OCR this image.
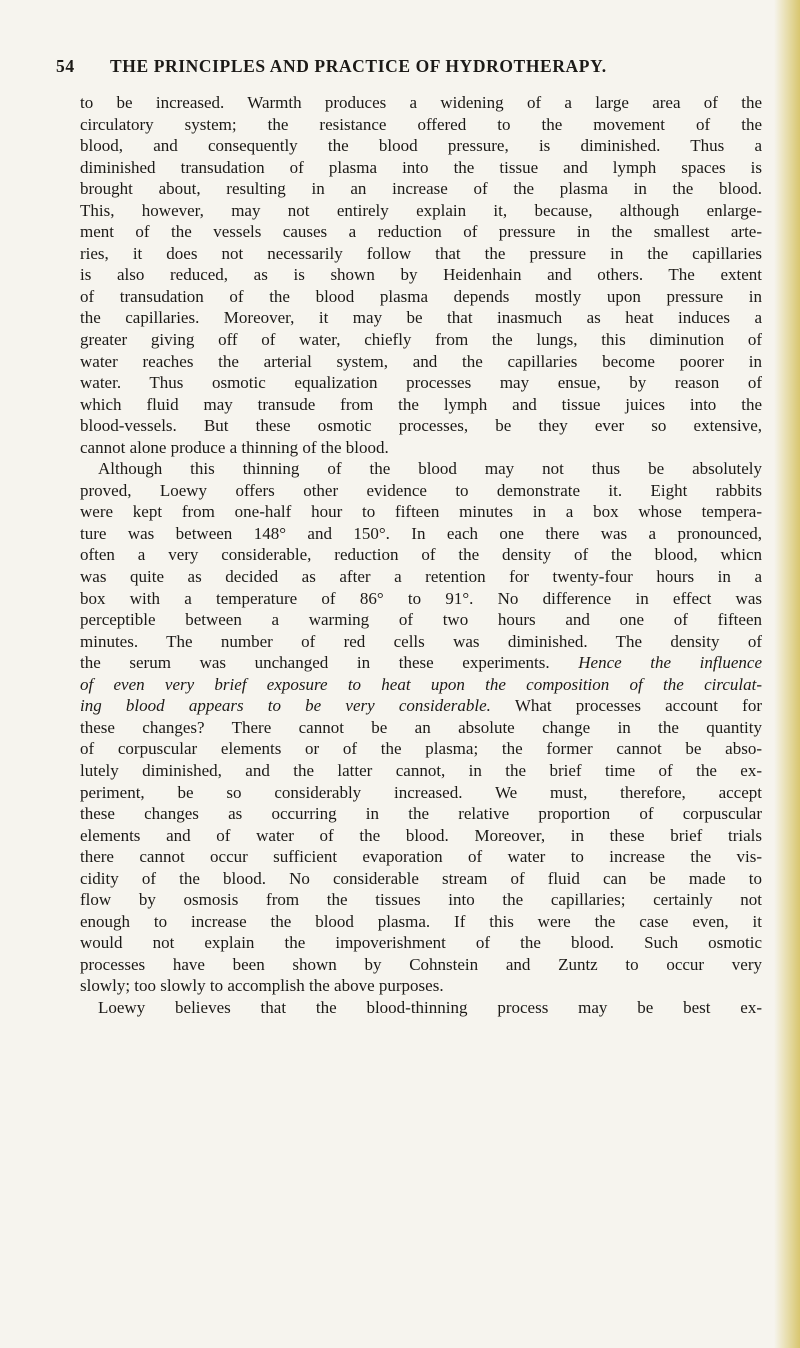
54 THE PRINCIPLES AND PRACTICE OF HYDROTHERAPY.
to be increased. Warmth produces a widening of a large area of the
circulatory system; the resistance offered to the movement of the
blood, and consequently the blood pressure, is diminished. Thus a
diminished transudation of plasma into the tissue and lymph spaces is
brought about, resulting in an increase of the plasma in the blood.
This, however, may not entirely explain it, because, although enlarge-
ment of the vessels causes a reduction of pressure in the smallest arte-
ries, it does not necessarily follow that the pressure in the capillaries
is also reduced, as is shown by Heidenhain and others. The extent
of transudation of the blood plasma depends mostly upon pressure in
the capillaries. Moreover, it may be that inasmuch as heat induces a
greater giving off of water, chiefly from the lungs, this diminution of
water reaches the arterial system, and the capillaries become poorer in
water. Thus osmotic equalization processes may ensue, by reason of
which fluid may transude from the lymph and tissue juices into the
blood-vessels. But these osmotic processes, be they ever so extensive,
cannot alone produce a thinning of the blood.
Although this thinning of the blood may not thus be absolutely
proved, Loewy offers other evidence to demonstrate it. Eight rabbits
were kept from one-half hour to fifteen minutes in a box whose tempera-
ture was between 148° and 150°. In each one there was a pronounced,
often a very considerable, reduction of the density of the blood, whicn
was quite as decided as after a retention for twenty-four hours in a
box with a temperature of 86° to 91°. No difference in effect was
perceptible between a warming of two hours and one of fifteen
minutes. The number of red cells was diminished. The density of
the serum was unchanged in these experiments. Hence the influence
of even very brief exposure to heat upon the composition of the circulat-
ing blood appears to be very considerable. What processes account for
these changes? There cannot be an absolute change in the quantity
of corpuscular elements or of the plasma; the former cannot be abso-
lutely diminished, and the latter cannot, in the brief time of the ex-
periment, be so considerably increased. We must, therefore, accept
these changes as occurring in the relative proportion of corpuscular
elements and of water of the blood. Moreover, in these brief trials
there cannot occur sufficient evaporation of water to increase the vis-
cidity of the blood. No considerable stream of fluid can be made to
flow by osmosis from the tissues into the capillaries; certainly not
enough to increase the blood plasma. If this were the case even, it
would not explain the impoverishment of the blood. Such osmotic
processes have been shown by Cohnstein and Zuntz to occur very
slowly; too slowly to accomplish the above purposes.
Loewy believes that the blood-thinning process may be best ex-
